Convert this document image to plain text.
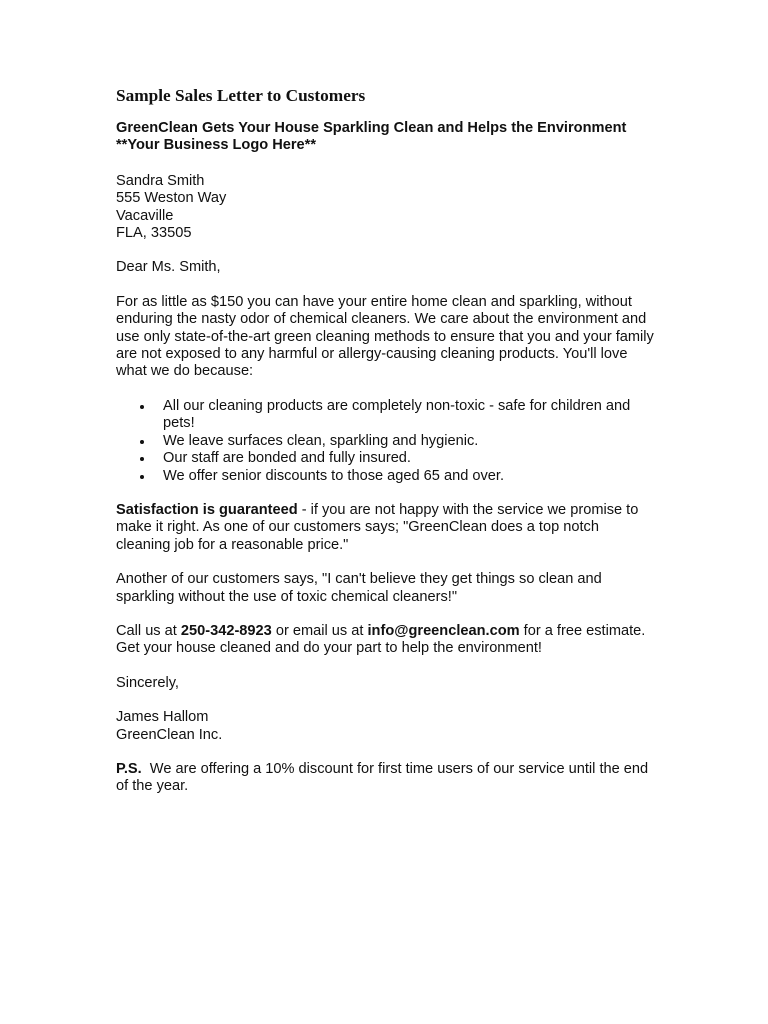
Sample Sales Letter to Customers
GreenClean Gets Your House Sparkling Clean and Helps the Environment
**Your Business Logo Here**
Sandra Smith
555 Weston Way
Vacaville
FLA, 33505

Dear Ms. Smith,

For as little as $150 you can have your entire home clean and sparkling, without enduring the nasty odor of chemical cleaners. We care about the environment and use only state-of-the-art green cleaning methods to ensure that you and your family are not exposed to any harmful or allergy-causing cleaning products. You'll love what we do because:

All our cleaning products are completely non-toxic - safe for children and pets!
We leave surfaces clean, sparkling and hygienic.
Our staff are bonded and fully insured.
We offer senior discounts to those aged 65 and over.

Satisfaction is guaranteed - if you are not happy with the service we promise to make it right. As one of our customers says; "GreenClean does a top notch cleaning job for a reasonable price."

Another of our customers says, "I can't believe they get things so clean and sparkling without the use of toxic chemical cleaners!"

Call us at 250-342-8923 or email us at info@greenclean.com for a free estimate. Get your house cleaned and do your part to help the environment!

Sincerely,

James Hallom
GreenClean Inc.

P.S.  We are offering a 10% discount for first time users of our service until the end of the year.
